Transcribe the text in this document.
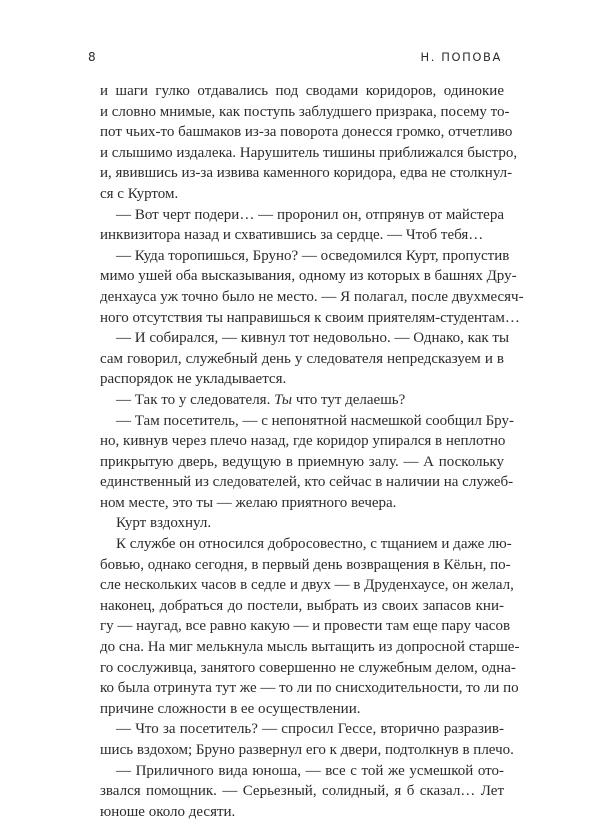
8	Н. ПОПОВА
и шаги гулко отдавались под сводами коридоров, одинокие
и словно мнимые, как поступь заблудшего призрака, посему то-
пот чьих-то башмаков из-за поворота донесся громко, отчетливо
и слышимо издалека. Нарушитель тишины приближался быстро,
и, явившись из-за извива каменного коридора, едва не столкнул-
ся с Куртом.
— Вот черт подери… — проронил он, отпрянув от майстера
инквизитора назад и схватившись за сердце. — Чтоб тебя…
— Куда торопишься, Бруно? — осведомился Курт, пропустив
мимо ушей оба высказывания, одному из которых в башнях Дру-
денхауса уж точно было не место. — Я полагал, после двухмесяч-
ного отсутствия ты направишься к своим приятелям-студентам…
— И собирался, — кивнул тот недовольно. — Однако, как ты
сам говорил, служебный день у следователя непредсказуем и в
распорядок не укладывается.
— Так то у следователя. Ты что тут делаешь?
— Там посетитель, — с непонятной насмешкой сообщил Бру-
но, кивнув через плечо назад, где коридор упирался в неплотно
прикрытую дверь, ведущую в приемную залу. — А поскольку
единственный из следователей, кто сейчас в наличии на служеб-
ном месте, это ты — желаю приятного вечера.
Курт вздохнул.
К службе он относился добросовестно, с тщанием и даже лю-
бовью, однако сегодня, в первый день возвращения в Кёльн, по-
сле нескольких часов в седле и двух — в Друденхаусе, он желал,
наконец, добраться до постели, выбрать из своих запасов кни-
гу — наугад, все равно какую — и провести там еще пару часов
до сна. На миг мелькнула мысль вытащить из допросной старше-
го сослуживца, занятого совершенно не служебным делом, одна-
ко была отринута тут же — то ли по снисходительности, то ли по
причине сложности в ее осуществлении.
— Что за посетитель? — спросил Гессе, вторично разразив-
шись вздохом; Бруно развернул его к двери, подтолкнув в плечо.
— Приличного вида юноша, — все с той же усмешкой ото-
звался помощник. — Серьезный, солидный, я б сказал… Лет
юноше около десяти.
